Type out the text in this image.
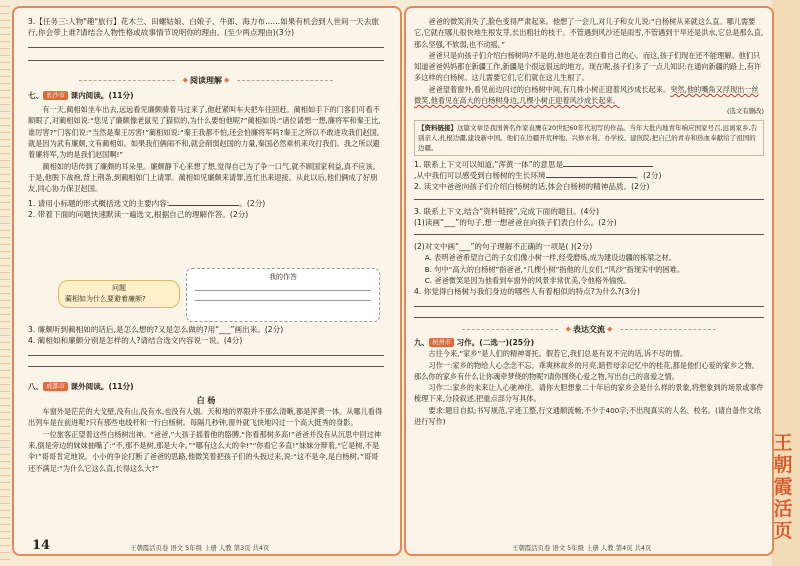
3.【任务三:人物"趣"旅行】花木兰、田螺姑娘、白娘子、牛郎、海力布……如果有机会到人世间一天去旅行,你会带上谁?请结合人物性格或故事情节说明你的理由。(至少两点理由)(3分)

◆ 阅读理解 ◆

七、 长沙市 课内阅读。(11分)

有一天,蔺相如坐车出去,远远看见廉颇骑着马过来了,他赶紧叫车夫把车往回赶。蔺相如手下的门客们可看不顺眼了,对蔺相如说:“您见了廉颇像老鼠见了猫似的,为什么要怕他呢?”蔺相如说:“诸位请想一想,廉将军和秦王比,谁厉害?”门客们说:“当然是秦王厉害!”蔺相如说:“秦王我都不怕,还会怕廉将军吗?秦王之所以不敢进攻我们赵国,就是因为武有廉颇,文有蔺相如。如果我们俩闹不和,就会削弱赵国的力量,秦国必然乘机来攻打我们。我之所以避着廉将军,为的是我们赵国啊!”

蔺相如的话传到了廉颇的耳朵里。廉颇静下心来想了想,觉得自己为了争一口气,就不顾国家利益,真不应该。于是,他脱下战袍,背上荆条,到蔺相如门上请罪。蔺相如见廉颇来请罪,连忙出来迎接。从此以后,他们俩成了好朋友,同心协力保卫赵国。

1. 请用小标题的形式概括选文的主要内容:	。(2分)

2. 带着下面的问题快速默读一遍选文,根据自己的理解作答。(2分)

问题
蔺相如为什么要避着廉颇?
我的作答

3. 廉颇听到蔺相如的话后,是怎么想的?又是怎么做的?用“___”画出来。(2分)

4. 蔺相如和廉颇分别是怎样的人?请结合选文内容说一说。(4分)

八、 成都市 课外阅读。(11分)

白 杨

车窗外是茫茫的大戈壁,没有山,没有水,也没有人烟。天和地的界限并不那么清晰,都是浑黄一体。从哪儿看得出列车是在前进呢?只有那些电线杆和一行白杨树。每隔几秒钟,窗外就飞快地闪过一个高大挺秀的身影。

一位旅客正望着这些白杨树出神。“爸爸,”大孩子摇着他的胳膊,“你看那树多高!”爸爸并没有从沉思中回过神来,倒是旁边的妹妹抽嘴了:“不,那不是树,那是大伞。”“哪有这么大的伞!”“你看它多直!”妹妹分辩着,“它是树,不是伞!”哥哥肯定地说。小小的争论打断了爸爸的思路,他微笑着把孩子们的头扳过来,说:“这不是伞,是白杨树。”哥哥还不满足:“为什么它这么直,长得这么大?”

14	王朝霞活页卷 语文 5年级 上册 人教 第3页 共4页

爸爸的微笑消失了,脸色变得严肃起来。他想了一会儿,对儿子和女儿说:“白杨树从来就这么直。哪儿需要它,它就在哪儿很快地生根发芽,长出粗壮的枝干。不管遇到风沙还是雨雪,不管遇到干旱还是洪水,它总是那么直,那么坚强,不软弱,也不动摇。”

爸爸只是向孩子们介绍白杨树吗?不是的,他也是在表白着自己的心。而这,孩子们现在还不能理解。他们只知道爸爸妈妈都在新疆工作,新疆是个很远很远的地方。现在呢,孩子们多了一点儿知识:在通向新疆的路上,有许多这样的白杨树。这儿需要它们,它们就在这儿生根了。

爸爸望着窗外,看见前边闪过的白杨树中间,有几株小树正迎着风沙成长起来。突然,他的嘴角又浮现出一丝微笑,他看见在高大的白杨树身边,几棵小树正迎着风沙成长起来。

(选文有删改)

【资料链接】这篇文章是我国著名作家袁鹰在20世纪60年代初写的作品。当年大批内地青年响应国家号召,远离家乡,告别亲人,扎根边疆,建设新中国。他们在边疆开荒种地、兴修水利、办学校、建医院,把自己的青春和热血奉献给了祖国的边疆。

1. 联系上下文可以知道,“浑黄一体”的意思是

,从中我们可以感受到白杨树的生长环境	。(2分)

2. 读文中爸爸向孩子们介绍白杨树的话,体会白杨树的精神品质。(2分)

3. 联系上下文,结合“资料链接”,完成下面的题目。(4分)

(1)读画“___”的句子,想一想爸爸在向孩子们表白什么。(2分)

(2)对文中画“___”的句子理解不正确的一项是( )(2分)

A. 表明爸爸希望自己的子女们像小树一样,经受磨炼,成为建设边疆的栋梁之材。

B. 句中“高大的白杨树”指爸爸,“几棵小树”指他的儿女们,“风沙”指现实中的困难。

C. 爸爸微笑是因为他看到车窗外的风景非常优美,令他格外愉悦。

4. 你觉得白杨树与我们身边的哪些人有着相似的特点?为什么?(3分)

◆ 表达交流 ◆

九、 杭州市 习作。(二选一)(25分)

古往今来,“家乡”是人们的精神寄托。假若它,我们总是有说不完的话,诉不尽的情。

习作一:家乡的物给人心念念不忘。乖爽林故乡的月亮,暗哲母亲记忆中的桂花,都是他们心爱的家乡之物。那么你的家乡有什么让你魂牵梦绕的物呢?请你围绕心爱之物,写出自己的喜爱之情。

习作二:家乡的未来让人心驰神往。请你大胆想象二十年后的家乡会是什么样的景象,将想象到的场景或事件梳理下来,分段叙述,把重点部分写具体。

要求:题目自拟;书写规范,字迹工整,行文通顺流畅;不少于400字;不出现真实的人名、校名。(请自备作文纸进行写作)

王朝霞活页卷 语文 5年级 上册 人教 第4页 共4页
王
朝
霞
活
页
